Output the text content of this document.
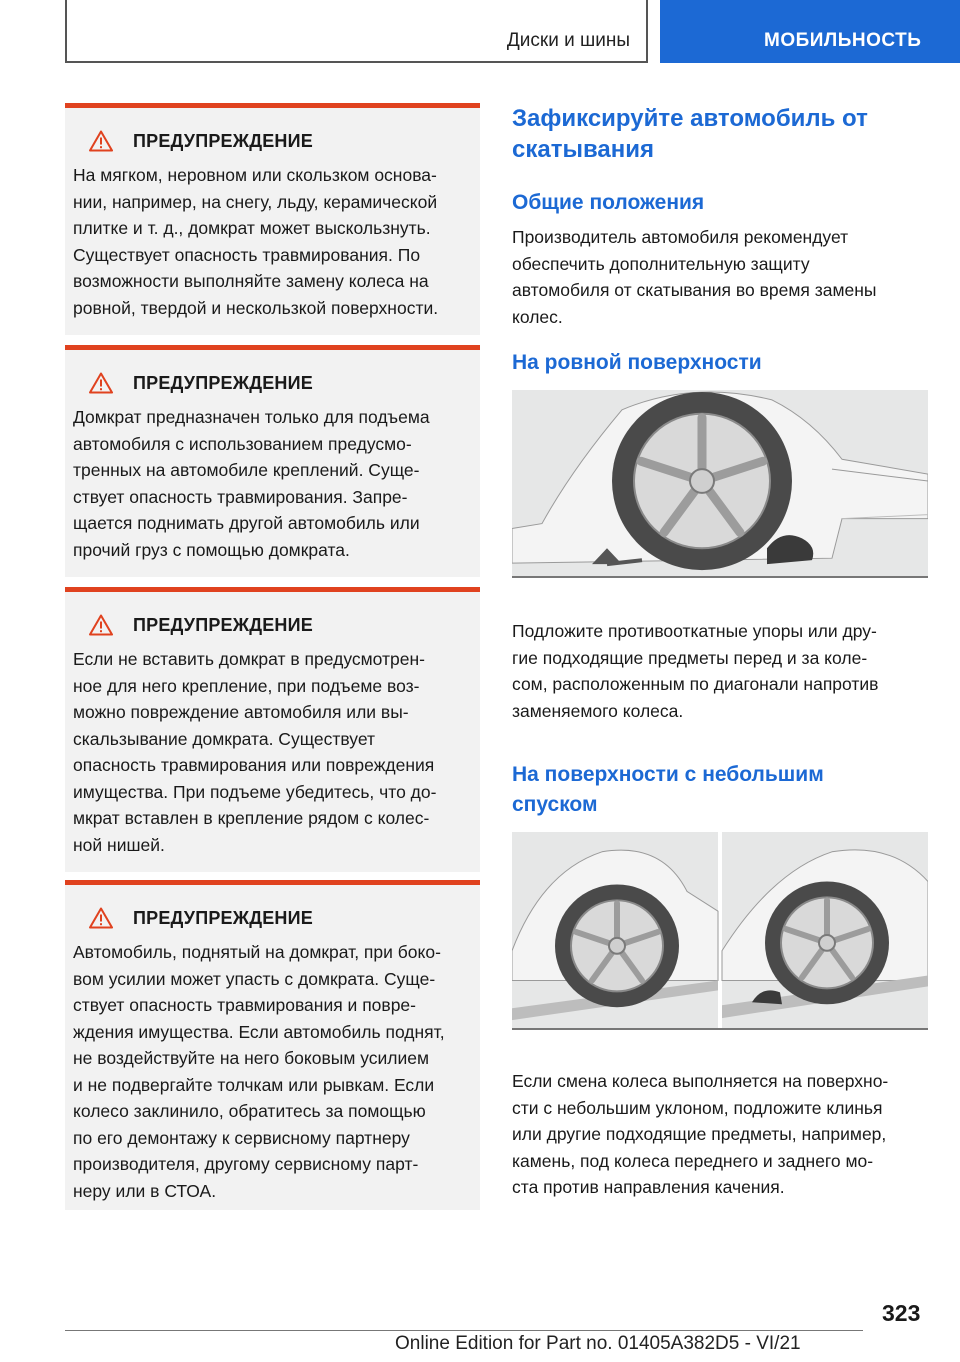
Диски и шины	МОБИЛЬНОСТЬ
ПРЕДУПРЕЖДЕНИЕ
На мягком, неровном или скользком основа-
нии, например, на снегу, льду, керамической
плитке и т. д., домкрат может выскользнуть.
Существует опасность травмирования. По
возможности выполняйте замену колеса на
ровной, твердой и нескользкой поверхности.
ПРЕДУПРЕЖДЕНИЕ
Домкрат предназначен только для подъема
автомобиля с использованием предусмо-
тренных на автомобиле креплений. Суще-
ствует опасность травмирования. Запре-
щается поднимать другой автомобиль или
прочий груз с помощью домкрата.
ПРЕДУПРЕЖДЕНИЕ
Если не вставить домкрат в предусмотрен-
ное для него крепление, при подъеме воз-
можно повреждение автомобиля или вы-
скальзывание домкрата. Существует
опасность травмирования или повреждения
имущества. При подъеме убедитесь, что до-
мкрат вставлен в крепление рядом с колес-
ной нишей.
ПРЕДУПРЕЖДЕНИЕ
Автомобиль, поднятый на домкрат, при боко-
вом усилии может упасть с домкрата. Суще-
ствует опасность травмирования и повре-
ждения имущества. Если автомобиль поднят,
не воздействуйте на него боковым усилием
и не подвергайте толчкам или рывкам. Если
колесо заклинило, обратитесь за помощью
по его демонтажу к сервисному партнеру
производителя, другому сервисному парт-
неру или в СТОА.
Зафиксируйте автомобиль от
скатывания
Общие положения
Производитель автомобиля рекомендует
обеспечить дополнительную защиту
автомобиля от скатывания во время замены
колес.
На ровной поверхности
Подложите противооткатные упоры или дру-
гие подходящие предметы перед и за коле-
сом, расположенным по диагонали напротив
заменяемого колеса.
На поверхности с небольшим
спуском
Если смена колеса выполняется на поверхно-
сти с небольшим уклоном, подложите клинья
или другие подходящие предметы, например,
камень, под колеса переднего и заднего мо-
ста против направления качения.
323
Online Edition for Part no. 01405A382D5 - VI/21
